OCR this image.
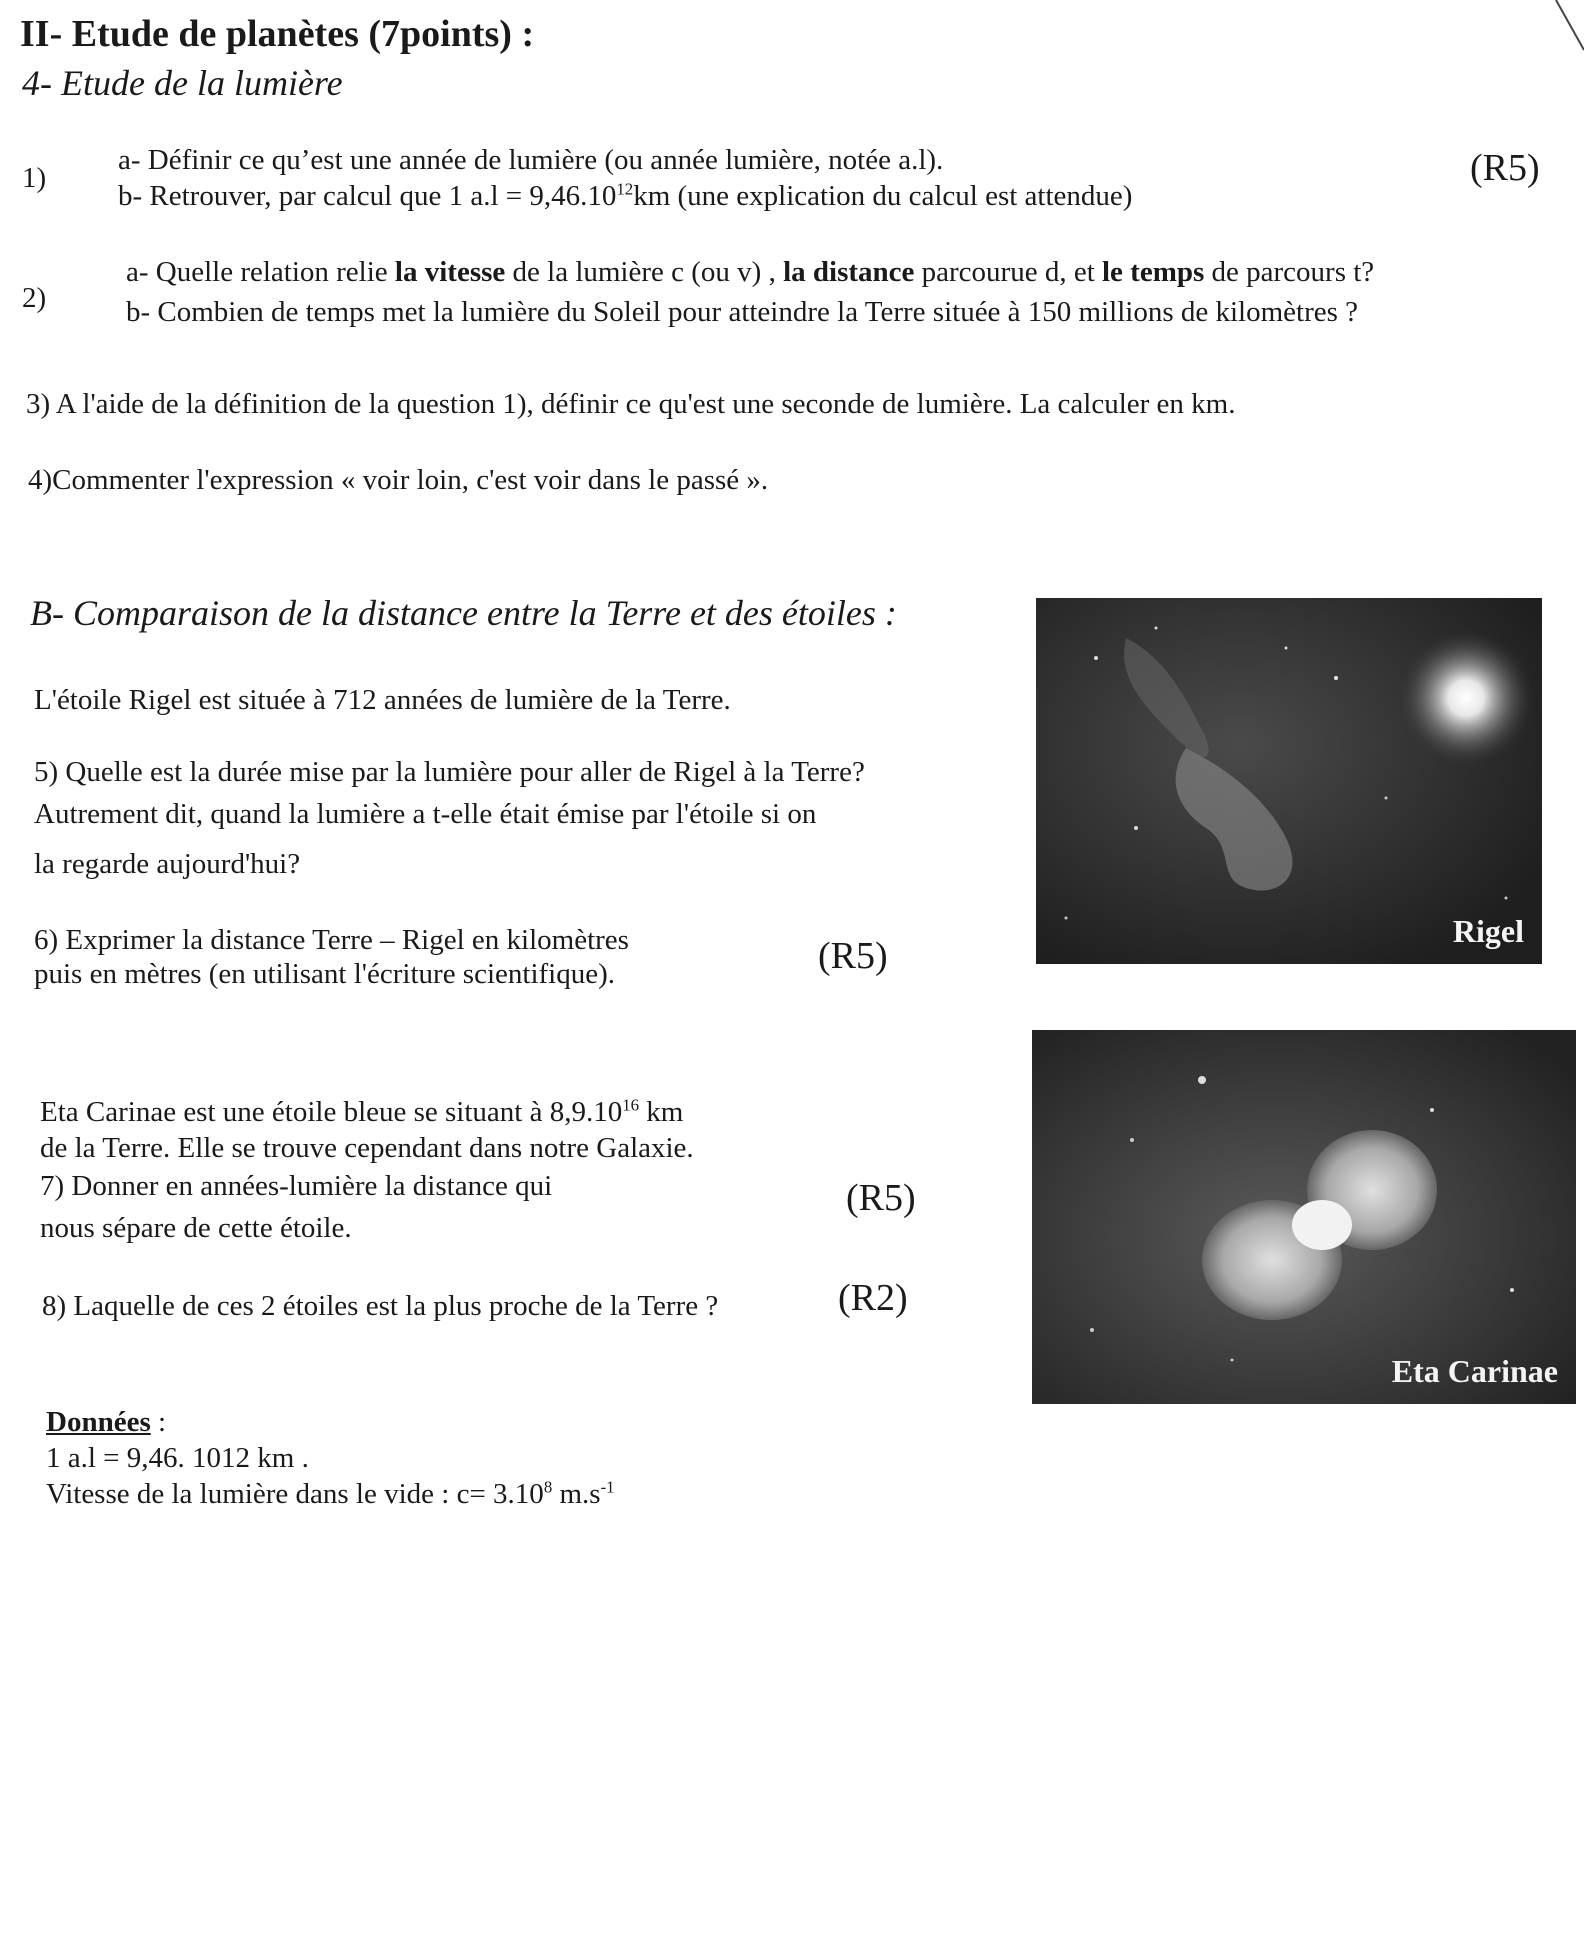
II- Etude de planètes (7points) :
4- Etude de la lumière
1)
a- Définir ce qu’est une année de lumière (ou année lumière, notée a.l).
b- Retrouver, par calcul que 1 $a.l = 9,46.10^{12}km$ (une explication du calcul est attendue)
(R5)
2)
a- Quelle relation relie la vitesse de la lumière c (ou v) , la distance parcourue d, et le temps de parcours t?
b- Combien de temps met la lumière du Soleil pour atteindre la Terre située à 150 millions de kilomètres ?
3) A l'aide de la définition de la question 1), définir ce qu'est une seconde de lumière. La calculer en km.
4)Commenter l'expression « voir loin, c'est voir dans le passé ».
B- Comparaison de la distance entre la Terre et des étoiles :
Rigel
L'étoile Rigel est située à 712 années de lumière de la Terre.
5) Quelle est la durée mise par la lumière pour aller de Rigel à la Terre?
Autrement dit, quand la lumière a t-elle était émise par l'étoile si on
la regarde aujourd'hui?
6) Exprimer la distance Terre – Rigel en kilomètres
puis en mètres (en utilisant l'écriture scientifique).	(R5)
Eta Carinae
Eta Carinae est une étoile bleue se situant à 8,9.10$^{16}$ km
de la Terre. Elle se trouve cependant dans notre Galaxie.
7) Donner en années-lumière la distance qui
nous sépare de cette étoile.
(R5)
8) Laquelle de ces 2 étoiles est la plus proche de la Terre ?	(R2)
Données :
1 a.l = 9,46. 1012 km .
Vitesse de la lumière dans le vide : $c= 3.10^8$ $m.s^{-1}$
